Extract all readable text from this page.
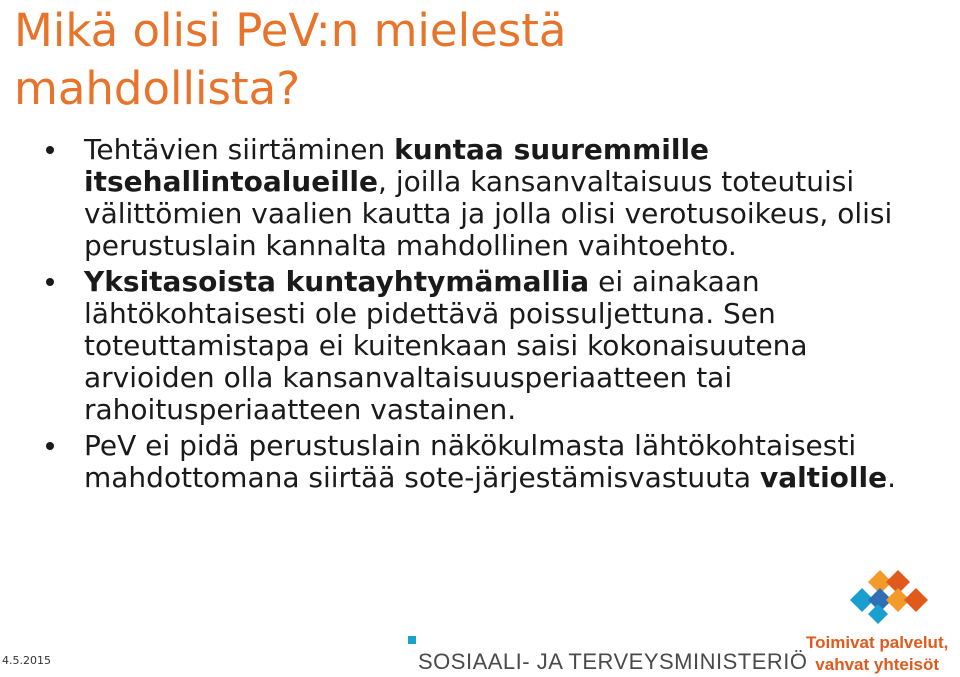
Mikä olisi PeV:n mielestä
mahdollista?
Tehtävien siirtäminen kuntaa suuremmille itsehallintoalueille, joilla kansanvaltaisuus toteutuisi välittömien vaalien kautta ja jolla olisi verotusoikeus, olisi perustuslain kannalta mahdollinen vaihtoehto.
Yksitasoista kuntayhtymämallia ei ainakaan lähtökohtaisesti ole pidettävä poissuljettuna. Sen toteuttamistapa ei kuitenkaan saisi kokonaisuutena arvioiden olla kansanvaltaisuusperiaatteen tai rahoitusperiaatteen vastainen.
PeV ei pidä perustuslain näkökulmasta lähtökohtaisesti mahdottomana siirtää sote-järjestämisvastuuta valtiolle.
4.5.2015	SOSIAALI- JA TERVEYSMINISTERIÖ
Toimivat palvelut,
vahvat yhteisöt
